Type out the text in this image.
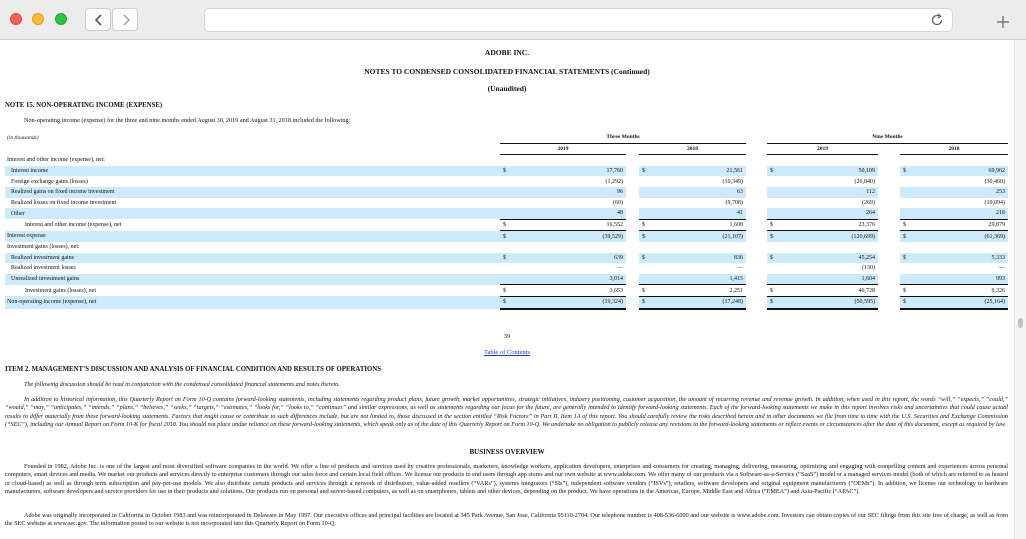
ADOBE INC.
NOTES TO CONDENSED CONSOLIDATED FINANCIAL STATEMENTS (Continued)
(Unaudited)
NOTE 15. NON-OPERATING INCOME (EXPENSE)
Non-operating income (expense) for the three and nine months ended August 30, 2019 and August 31, 2018 included the following:
(in thousands)	Three Months						Nine Months				
	2019			2018			2019			2018	
Interest and other income (expense), net:											
Interest income	$	17,760		$	21,561		$	50,109		$	69,962
Foreign exchange gains (losses)		(1,292)			(10,349)			(26,840)			(30,460)
Realized gains on fixed income investment		96			63			112			253
Realized losses on fixed income investment		(60)			(9,708)			(269)			(10,094)
Other		48			41			264			218
Interest and other income (expense), net	$	16,552		$	1,608		$	23,376		$	29,879
Interest expense	$	(39,529)		$	(21,107)		$	(120,699)		$	(61,369)
Investment gains (losses), net:											
Realized investment gains	$	639		$	836		$	45,254		$	5,333
Realized investment losses		—			—			(130)			—
Unrealized investment gains		3,014			1,415			1,604			993
Investment gains (losses), net	$	3,653		$	2,251		$	46,728		$	6,326
Non-operating income (expense), net	$	(19,324)		$	(17,248)		$	(50,595)		$	(25,164)
39
Table of Contents
ITEM 2. MANAGEMENT’S DISCUSSION AND ANALYSIS OF FINANCIAL CONDITION AND RESULTS OF OPERATIONS
The following discussion should be read in conjunction with the condensed consolidated financial statements and notes thereto.
In addition to historical information, this Quarterly Report on Form 10-Q contains forward-looking statements, including statements regarding product plans, future growth, market opportunities, strategic initiatives, industry positioning, customer acquisition, the amount of recurring revenue and revenue growth. In addition, when used in this report, the words “will,” “expects,” “could,” “would,” “may,” “anticipates,” “intends,” “plans,” “believes,” “seeks,” “targets,” “estimates,” “looks for,” “looks to,” “continues” and similar expressions, as well as statements regarding our focus for the future, are generally intended to identify forward-looking statements. Each of the forward-looking statements we make in this report involves risks and uncertainties that could cause actual results to differ materially from these forward-looking statements. Factors that might cause or contribute to such differences include, but are not limited to, those discussed in the section entitled “Risk Factors” in Part II, Item 1A of this report. You should carefully review the risks described herein and in other documents we file from time to time with the U.S. Securities and Exchange Commission (“SEC”), including our Annual Report on Form 10-K for fiscal 2018. You should not place undue reliance on these forward-looking statements, which speak only as of the date of this Quarterly Report on Form 10-Q. We undertake no obligation to publicly release any revisions to the forward-looking statements or reflect events or circumstances after the date of this document, except as required by law.
BUSINESS OVERVIEW
Founded in 1982, Adobe Inc. is one of the largest and most diversified software companies in the world. We offer a line of products and services used by creative professionals, marketers, knowledge workers, application developers, enterprises and consumers for creating, managing, delivering, measuring, optimizing and engaging with compelling content and experiences across personal computers, smart devices and media. We market our products and services directly to enterprise customers through our sales force and certain local field offices. We license our products to end users through app stores and our own website at www.adobe.com. We offer many of our products via a Software-as-a-Service (“SaaS”) model or a managed services model (both of which are referred to as hosted or cloud-based) as well as through term subscription and pay-per-use models. We also distribute certain products and services through a network of distributors, value-added resellers (“VARs”), systems integrators (“SIs”), independent software vendors (“ISVs”), retailers, software developers and original equipment manufacturers (“OEMs”). In addition, we license our technology to hardware manufacturers, software developers and service providers for use in their products and solutions. Our products run on personal and server-based computers, as well as on smartphones, tablets and other devices, depending on the product. We have operations in the Americas, Europe, Middle East and Africa (“EMEA”) and Asia-Pacific (“APAC”).
Adobe was originally incorporated in California in October 1983 and was reincorporated in Delaware in May 1997. Our executive offices and principal facilities are located at 345 Park Avenue, San Jose, California 95110-2704. Our telephone number is 408-536-6000 and our website is www.adobe.com. Investors can obtain copies of our SEC filings from this site free of charge, as well as from the SEC website at www.sec.gov. The information posted to our website is not incorporated into this Quarterly Report on Form 10-Q.
